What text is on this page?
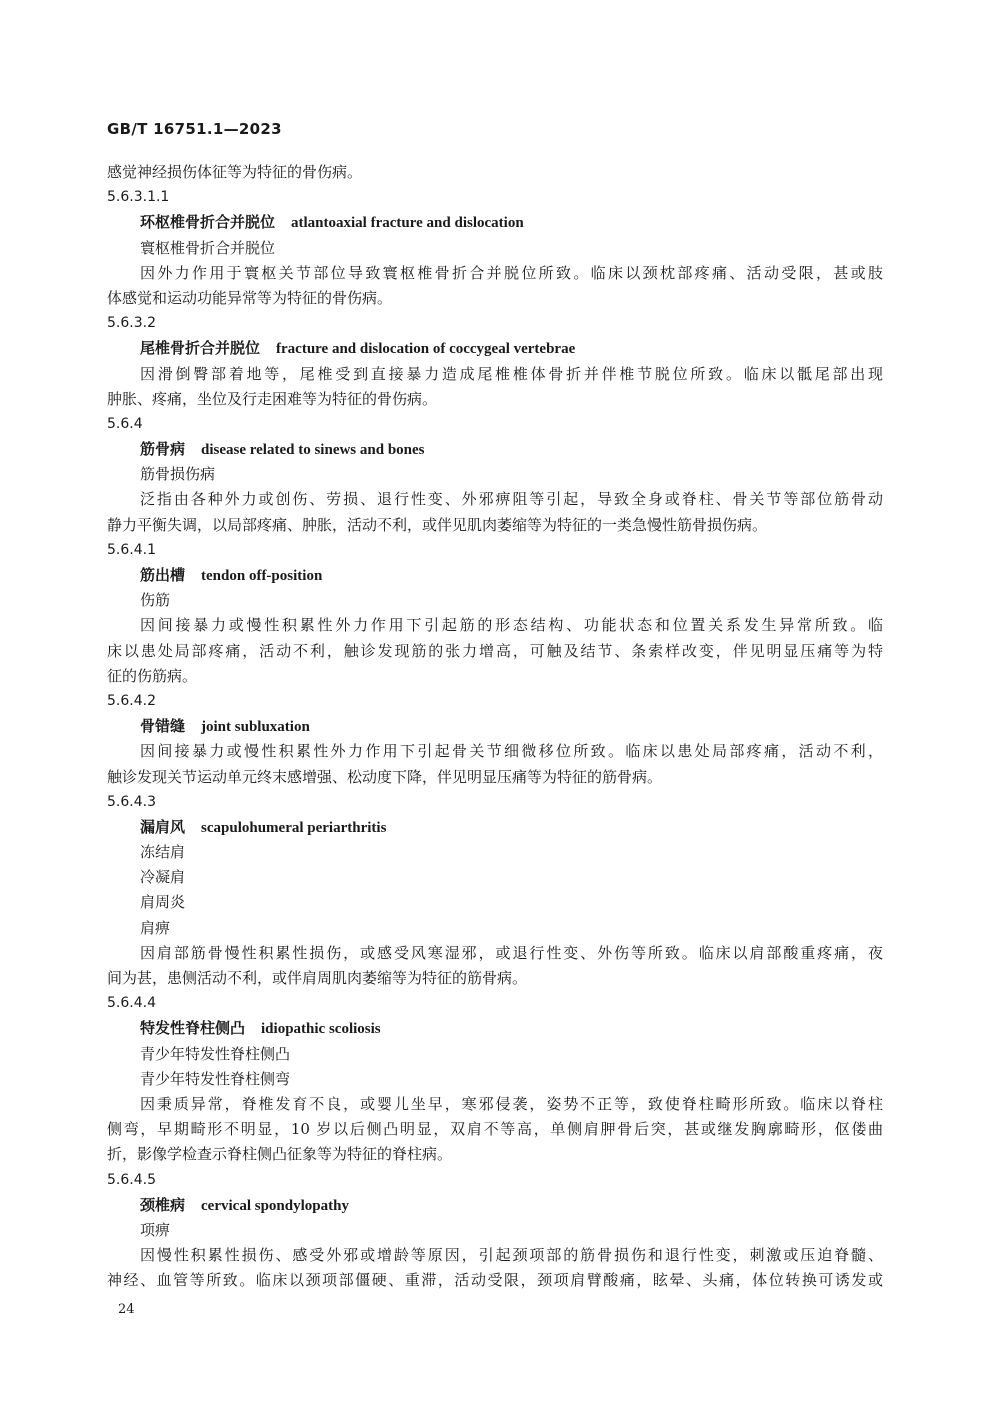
GB/T 16751.1—2023
感觉神经损伤体征等为特征的骨伤病。
5.6.3.1.1
环枢椎骨折合并脱位 atlantoaxial fracture and dislocation
寰枢椎骨折合并脱位
因外力作用于寰枢关节部位导致寰枢椎骨折合并脱位所致。临床以颈枕部疼痛、活动受限，甚或肢
体感觉和运动功能异常等为特征的骨伤病。
5.6.3.2
尾椎骨折合并脱位 fracture and dislocation of coccygeal vertebrae
因滑倒臀部着地等，尾椎受到直接暴力造成尾椎椎体骨折并伴椎节脱位所致。临床以骶尾部出现
肿胀、疼痛，坐位及行走困难等为特征的骨伤病。
5.6.4
筋骨病 disease related to sinews and bones
筋骨损伤病
泛指由各种外力或创伤、劳损、退行性变、外邪痹阻等引起，导致全身或脊柱、骨关节等部位筋骨动
静力平衡失调，以局部疼痛、肿胀，活动不利，或伴见肌肉萎缩等为特征的一类急慢性筋骨损伤病。
5.6.4.1
筋出槽 tendon off-position
伤筋
因间接暴力或慢性积累性外力作用下引起筋的形态结构、功能状态和位置关系发生异常所致。临
床以患处局部疼痛，活动不利，触诊发现筋的张力增高，可触及结节、条索样改变，伴见明显压痛等为特
征的伤筋病。
5.6.4.2
骨错缝 joint subluxation
因间接暴力或慢性积累性外力作用下引起骨关节细微移位所致。临床以患处局部疼痛，活动不利，
触诊发现关节运动单元终末感增强、松动度下降，伴见明显压痛等为特征的筋骨病。
5.6.4.3
漏肩风 scapulohumeral periarthritis
冻结肩
冷凝肩
肩周炎
肩痹
因肩部筋骨慢性积累性损伤，或感受风寒湿邪，或退行性变、外伤等所致。临床以肩部酸重疼痛，夜
间为甚，患侧活动不利，或伴肩周肌肉萎缩等为特征的筋骨病。
5.6.4.4
特发性脊柱侧凸 idiopathic scoliosis
青少年特发性脊柱侧凸
青少年特发性脊柱侧弯
因秉质异常，脊椎发育不良，或婴儿坐早，寒邪侵袭，姿势不正等，致使脊柱畸形所致。临床以脊柱
侧弯，早期畸形不明显，10 岁以后侧凸明显，双肩不等高，单侧肩胛骨后突，甚或继发胸廓畸形，伛偻曲
折，影像学检查示脊柱侧凸征象等为特征的脊柱病。
5.6.4.5
颈椎病 cervical spondylopathy
项痹
因慢性积累性损伤、感受外邪或增龄等原因，引起颈项部的筋骨损伤和退行性变，刺激或压迫脊髓、
神经、血管等所致。临床以颈项部僵硬、重滞，活动受限，颈项肩臂酸痛，眩晕、头痛，体位转换可诱发或
24
